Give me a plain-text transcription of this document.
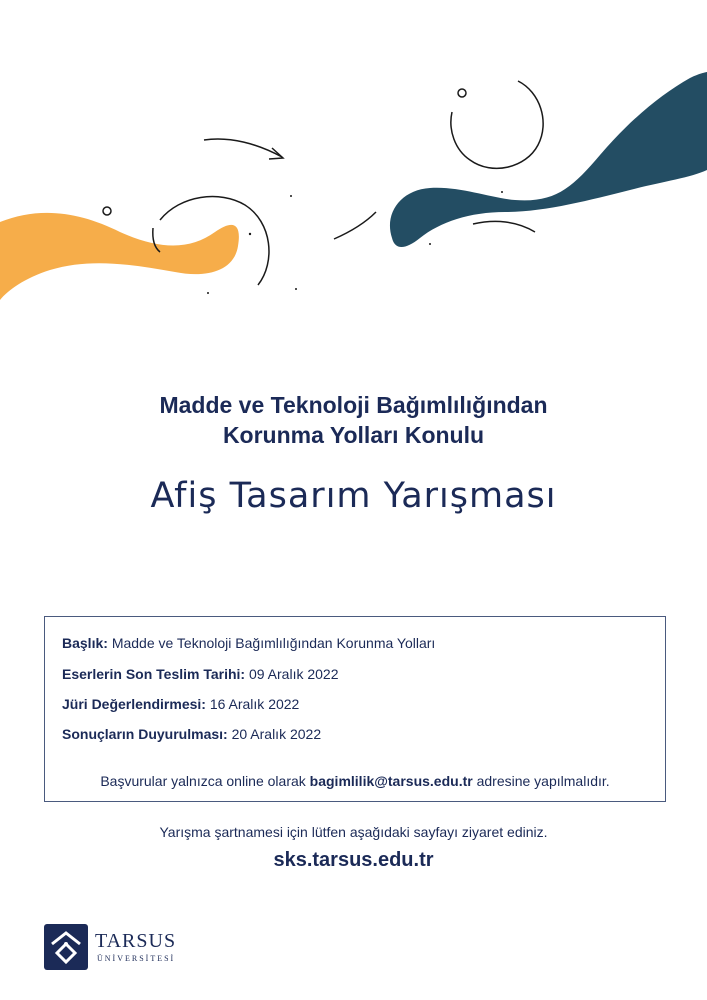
Madde ve Teknoloji Bağımlılığından
Korunma Yolları Konulu
Afiş Tasarım Yarışması
Başlık: Madde ve Teknoloji Bağımlılığından Korunma Yolları
Eserlerin Son Teslim Tarihi: 09 Aralık 2022
Jüri Değerlendirmesi: 16 Aralık 2022
Sonuçların Duyurulması: 20 Aralık 2022
Başvurular yalnızca online olarak bagimlilik@tarsus.edu.tr adresine yapılmalıdır.
Yarışma şartnamesi için lütfen aşağıdaki sayfayı ziyaret ediniz.
sks.tarsus.edu.tr
TARSUS
ÜNİVERSİTESİ
